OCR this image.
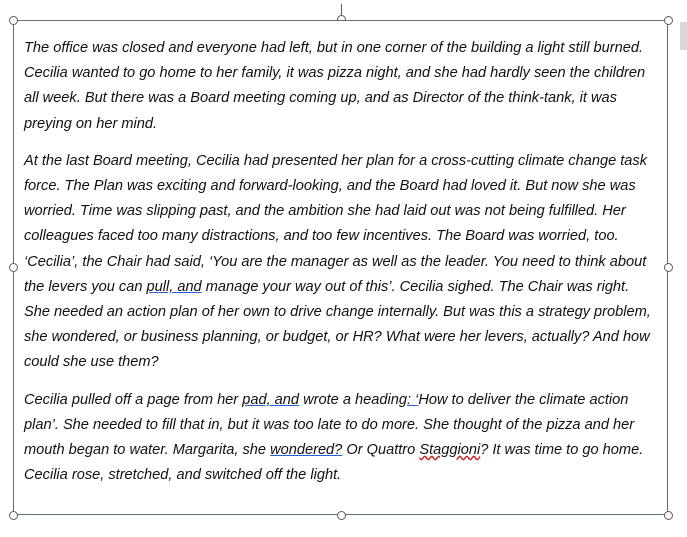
The office was closed and everyone had left, but in one corner of the building a light still burned.
Cecilia wanted to go home to her family, it was pizza night, and she had hardly seen the children
all week. But there was a Board meeting coming up, and as Director of the think-tank, it was
preying on her mind.

At the last Board meeting, Cecilia had presented her plan for a cross-cutting climate change task
force. The Plan was exciting and forward-looking, and the Board had loved it. But now she was
worried. Time was slipping past, and the ambition she had laid out was not being fulfilled. Her
colleagues faced too many distractions, and too few incentives. The Board was worried, too.
‘Cecilia’, the Chair had said, ‘You are the manager as well as the leader. You need to think about
the levers you can pull, and manage your way out of this’. Cecilia sighed. The Chair was right.
She needed an action plan of her own to drive change internally. But was this a strategy problem,
she wondered, or business planning, or budget, or HR? What were her levers, actually? And how
could she use them?

Cecilia pulled off a page from her pad, and wrote a heading: ‘How to deliver the climate action
plan’. She needed to fill that in, but it was too late to do more. She thought of the pizza and her
mouth began to water. Margarita, she wondered? Or Quattro Staggioni? It was time to go home.
Cecilia rose, stretched, and switched off the light.
